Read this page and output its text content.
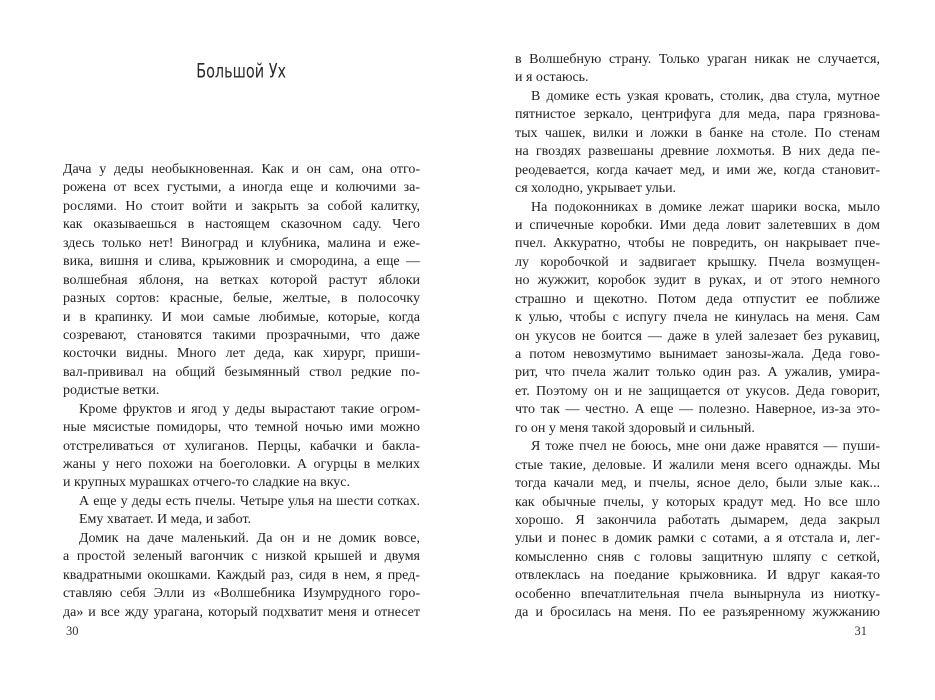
Большой Ух
Дача у деды необыкновенная. Как и он сам, она отго-
рожена от всех густыми, а иногда еще и колючими за-
рослями. Но стоит войти и закрыть за собой калитку,
как оказываешься в настоящем сказочном саду. Чего
здесь только нет! Виноград и клубника, малина и еже-
вика, вишня и слива, крыжовник и смородина, а еще —
волшебная яблоня, на ветках которой растут яблоки
разных сортов: красные, белые, желтые, в полосочку
и в крапинку. И мои самые любимые, которые, когда
созревают, становятся такими прозрачными, что даже
косточки видны. Много лет деда, как хирург, приши-
вал-прививал на общий безымянный ствол редкие по-
родистые ветки.
Кроме фруктов и ягод у деды вырастают такие огром-
ные мясистые помидоры, что темной ночью ими можно
отстреливаться от хулиганов. Перцы, кабачки и бакла-
жаны у него похожи на боеголовки. А огурцы в мелких
и крупных мурашках отчего-то сладкие на вкус.
А еще у деды есть пчелы. Четыре улья на шести сотках.
Ему хватает. И меда, и забот.
Домик на даче маленький. Да он и не домик вовсе,
а простой зеленый вагончик с низкой крышей и двумя
квадратными окошками. Каждый раз, сидя в нем, я пред-
ставляю себя Элли из «Волшебника Изумрудного горо-
да» и все жду урагана, который подхватит меня и отнесет
в Волшебную страну. Только ураган никак не случается,
и я остаюсь.
В домике есть узкая кровать, столик, два стула, мутное
пятнистое зеркало, центрифуга для меда, пара грязнова-
тых чашек, вилки и ложки в банке на столе. По стенам
на гвоздях развешаны древние лохмотья. В них деда пе-
реодевается, когда качает мед, и ими же, когда становит-
ся холодно, укрывает ульи.
На подоконниках в домике лежат шарики воска, мыло
и спичечные коробки. Ими деда ловит залетевших в дом
пчел. Аккуратно, чтобы не повредить, он накрывает пче-
лу коробочкой и задвигает крышку. Пчела возмущен-
но жужжит, коробок зудит в руках, и от этого немного
страшно и щекотно. Потом деда отпустит ее поближе
к улью, чтобы с испугу пчела не кинулась на меня. Сам
он укусов не боится — даже в улей залезает без рукавиц,
а потом невозмутимо вынимает занозы-жала. Деда гово-
рит, что пчела жалит только один раз. А ужалив, умира-
ет. Поэтому он и не защищается от укусов. Деда говорит,
что так — честно. А еще — полезно. Наверное, из-за это-
го он у меня такой здоровый и сильный.
Я тоже пчел не боюсь, мне они даже нравятся — пуши-
стые такие, деловые. И жалили меня всего однажды. Мы
тогда качали мед, и пчелы, ясное дело, были злые как...
как обычные пчелы, у которых крадут мед. Но все шло
хорошо. Я закончила работать дымарем, деда закрыл
ульи и понес в домик рамки с сотами, а я отстала и, лег-
комысленно сняв с головы защитную шляпу с сеткой,
отвлеклась на поедание крыжовника. И вдруг какая-то
особенно впечатлительная пчела вынырнула из ниотку-
да и бросилась на меня. По ее разъяренному жужжанию
30	31
